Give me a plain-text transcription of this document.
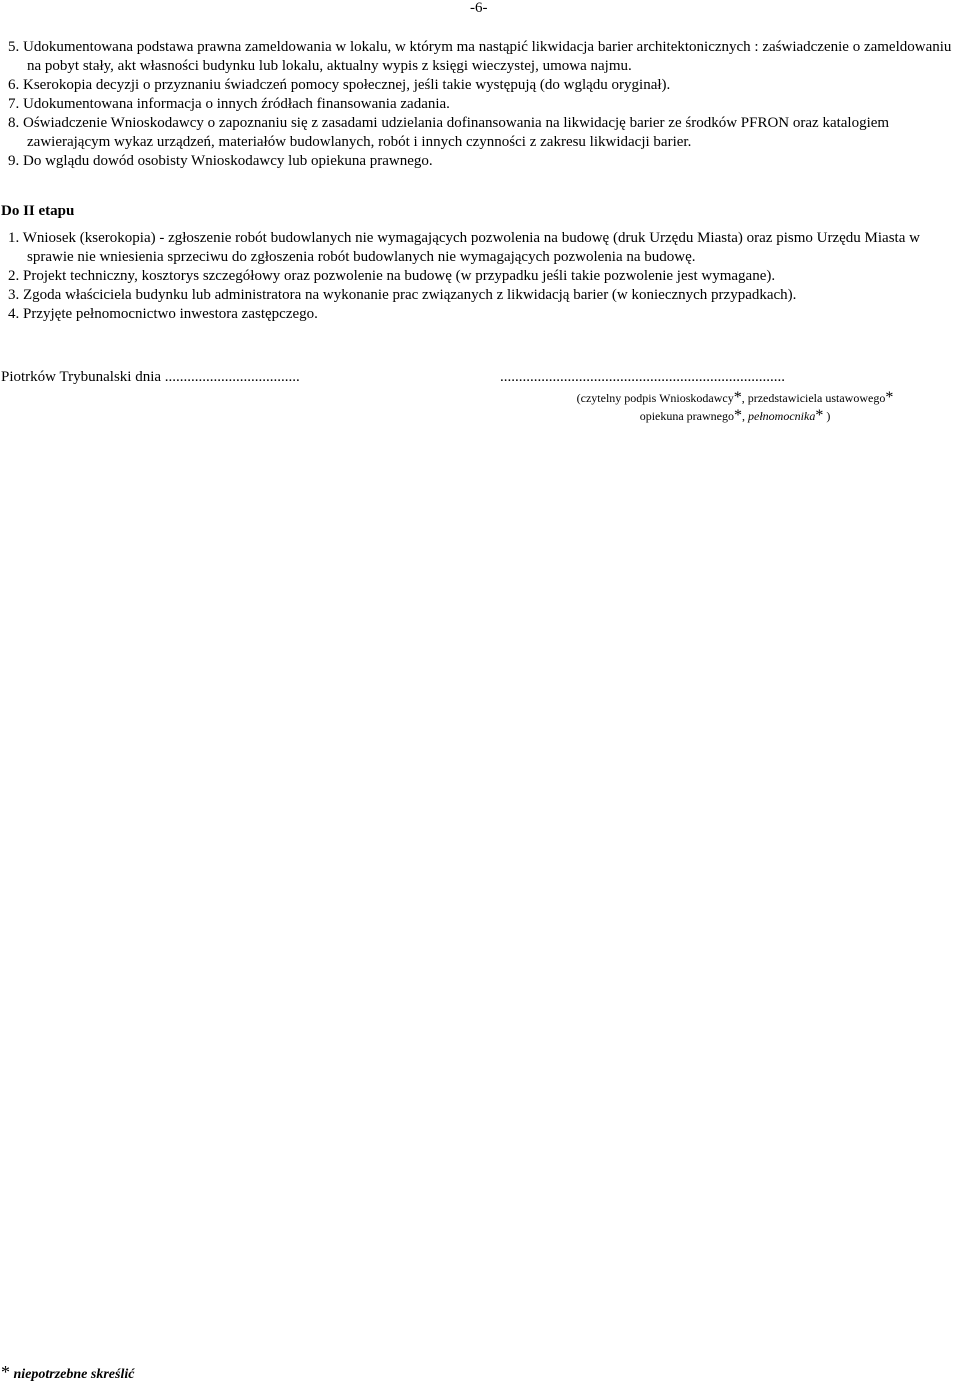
-6-

5. Udokumentowana podstawa prawna zameldowania w lokalu, w którym ma nastąpić likwidacja barier architektonicznych : zaświadczenie o zameldowaniu na pobyt stały, akt własności budynku lub lokalu, aktualny wypis z księgi wieczystej, umowa najmu.

6. Kserokopia decyzji o przyznaniu świadczeń pomocy społecznej, jeśli takie występują (do wglądu oryginał).

7. Udokumentowana informacja o innych źródłach finansowania zadania.

8. Oświadczenie Wnioskodawcy o zapoznaniu się z zasadami udzielania dofinansowania na likwidację barier ze środków PFRON oraz katalogiem zawierającym wykaz urządzeń, materiałów budowlanych, robót i innych czynności z zakresu likwidacji barier.

9. Do wglądu dowód osobisty Wnioskodawcy lub opiekuna prawnego.

Do II etapu

1. Wniosek (kserokopia) - zgłoszenie robót budowlanych nie wymagających pozwolenia na budowę (druk Urzędu Miasta) oraz pismo Urzędu Miasta w sprawie nie wniesienia sprzeciwu do zgłoszenia robót budowlanych nie wymagających pozwolenia na budowę.

2. Projekt techniczny, kosztorys szczegółowy oraz pozwolenie na budowę (w przypadku jeśli takie pozwolenie jest wymagane).

3. Zgoda właściciela budynku lub administratora na wykonanie prac związanych z likwidacją barier (w koniecznych przypadkach).

4. Przyjęte pełnomocnictwo inwestora zastępczego.

Piotrków Trybunalski dnia ....................................	............................................................................
(czytelny podpis Wnioskodawcy*, przedstawiciela ustawowego*
opiekuna prawnego*, pełnomocnika* )
* niepotrzebne skreślić
